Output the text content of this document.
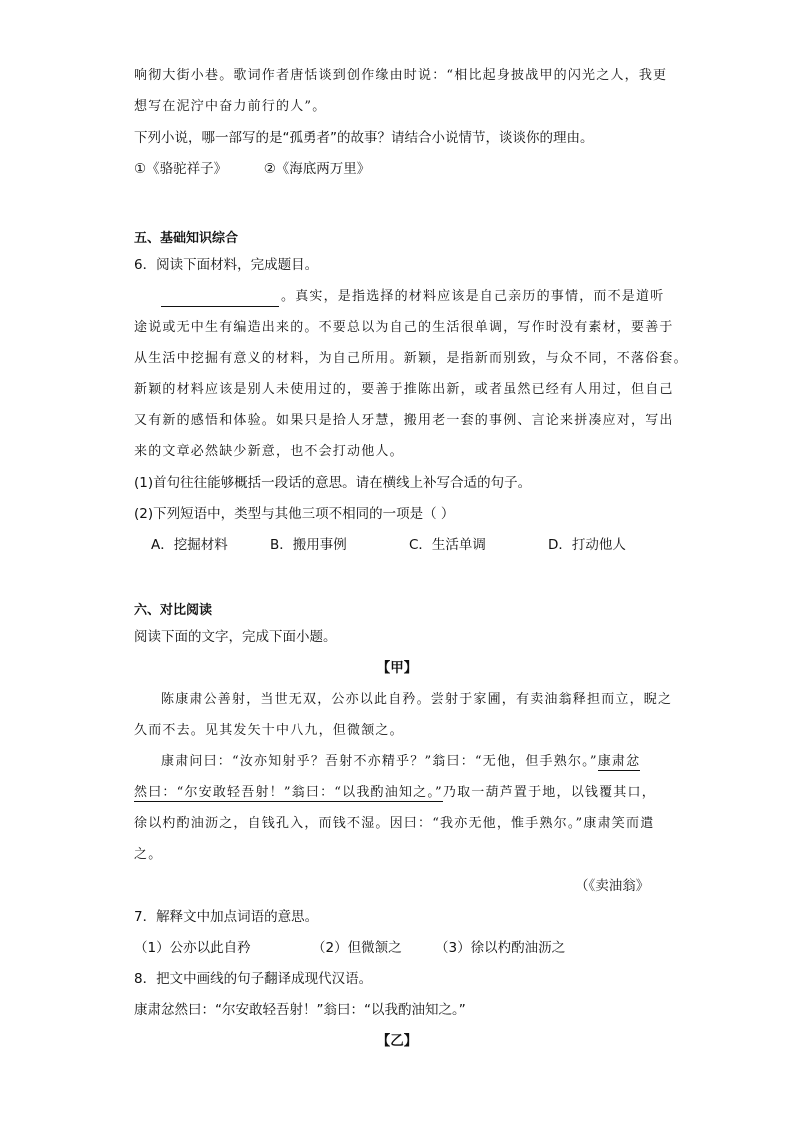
响彻大街小巷。歌词作者唐恬谈到创作缘由时说：“相比起身披战甲的闪光之人，我更
想写在泥泞中奋力前行的人”。
下列小说，哪一部写的是“孤勇者”的故事？请结合小说情节，谈谈你的理由。
①《骆驼祥子》	②《海底两万里》
五、基础知识综合
6．阅读下面材料，完成题目。
。真实，是指选择的材料应该是自己亲历的事情，而不是道听
途说或无中生有编造出来的。不要总以为自己的生活很单调，写作时没有素材，要善于
从生活中挖掘有意义的材料，为自己所用。新颖，是指新而别致，与众不同，不落俗套。
新颖的材料应该是别人未使用过的，要善于推陈出新，或者虽然已经有人用过，但自己
又有新的感悟和体验。如果只是拾人牙慧，搬用老一套的事例、言论来拼凑应对，写出
来的文章必然缺少新意，也不会打动他人。
(1)首句往往能够概括一段话的意思。请在横线上补写合适的句子。
(2)下列短语中，类型与其他三项不相同的一项是（ ）
A．挖掘材料	B．搬用事例	C．生活单调	D．打动他人
六、对比阅读
阅读下面的文字，完成下面小题。
【甲】
陈康肃公善射，当世无双，公亦以此自矜。尝射于家圃，有卖油翁释担而立，睨之
久而不去。见其发矢十中八九，但微颔之。
康肃问曰：“汝亦知射乎？吾射不亦精乎？”翁曰：“无他，但手熟尔。”康肃忿
然曰：“尔安敢轻吾射！”翁曰：“以我酌油知之。”乃取一葫芦置于地，以钱覆其口，
徐以杓酌油沥之，自钱孔入，而钱不湿。因曰：“我亦无他，惟手熟尔。”康肃笑而遣
之。
（《卖油翁》
7．解释文中加点词语的意思。
（1）公亦以此自矜	（2）但微颔之 （3）徐以杓酌油沥之
8．把文中画线的句子翻译成现代汉语。
康肃忿然曰：“尔安敢轻吾射！”翁曰：“以我酌油知之。”
【乙】
